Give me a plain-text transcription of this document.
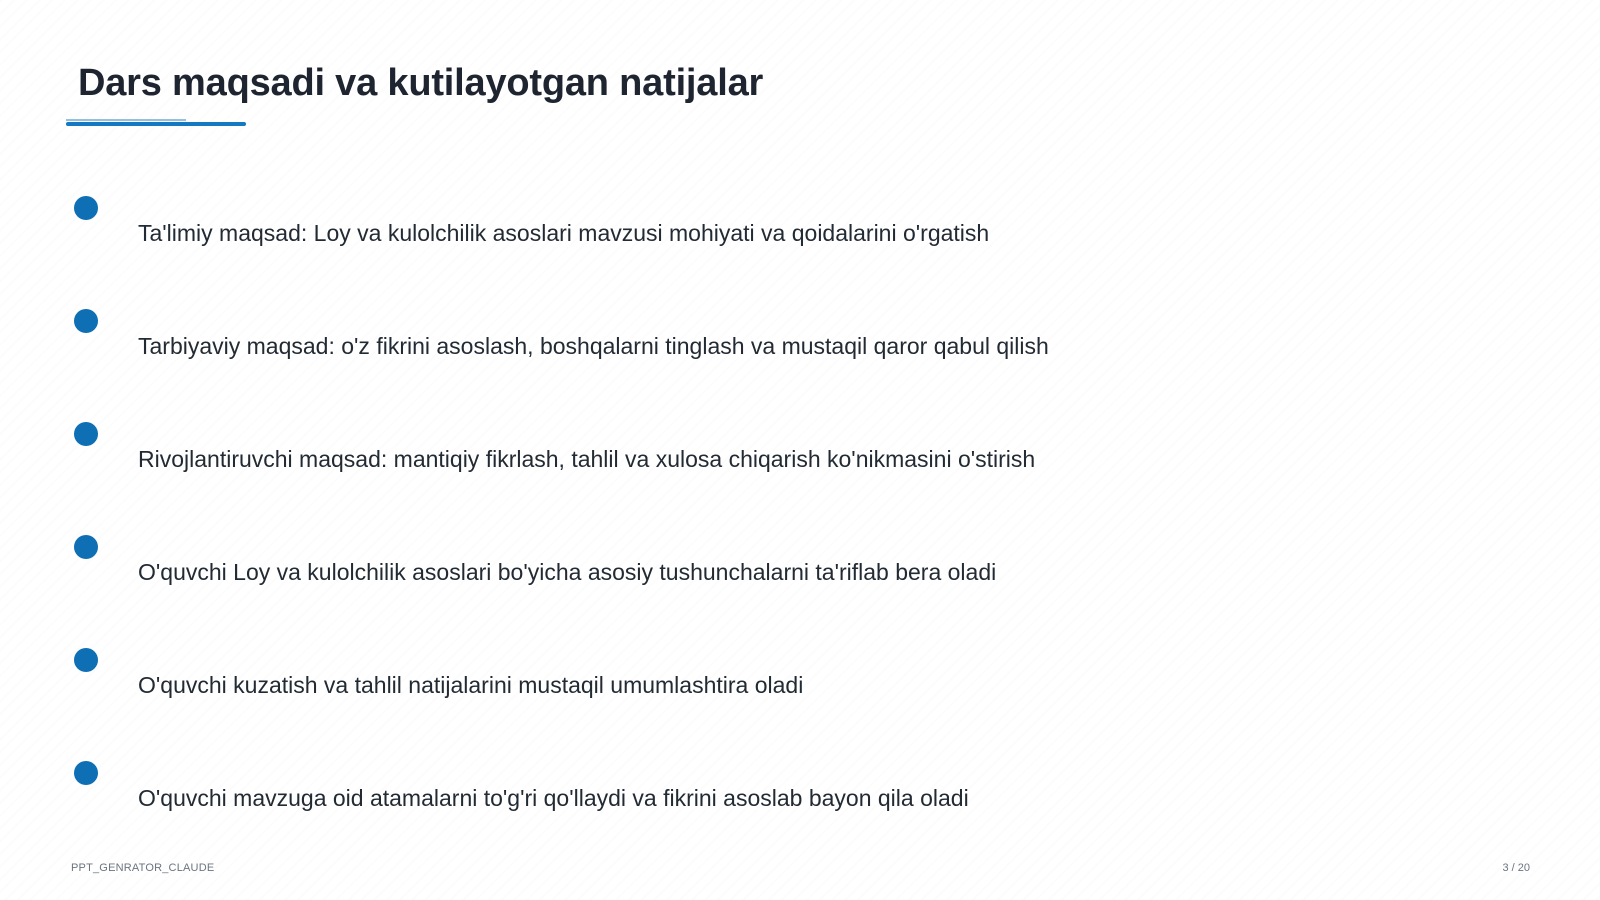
Dars maqsadi va kutilayotgan natijalar
Ta'limiy maqsad: Loy va kulolchilik asoslari mavzusi mohiyati va qoidalarini o'rgatish
Tarbiyaviy maqsad: o'z fikrini asoslash, boshqalarni tinglash va mustaqil qaror qabul qilish
Rivojlantiruvchi maqsad: mantiqiy fikrlash, tahlil va xulosa chiqarish ko'nikmasini o'stirish
O'quvchi Loy va kulolchilik asoslari bo'yicha asosiy tushunchalarni ta'riflab bera oladi
O'quvchi kuzatish va tahlil natijalarini mustaqil umumlashtira oladi
O'quvchi mavzuga oid atamalarni to'g'ri qo'llaydi va fikrini asoslab bayon qila oladi
PPT_GENRATOR_CLAUDE	3 / 20
